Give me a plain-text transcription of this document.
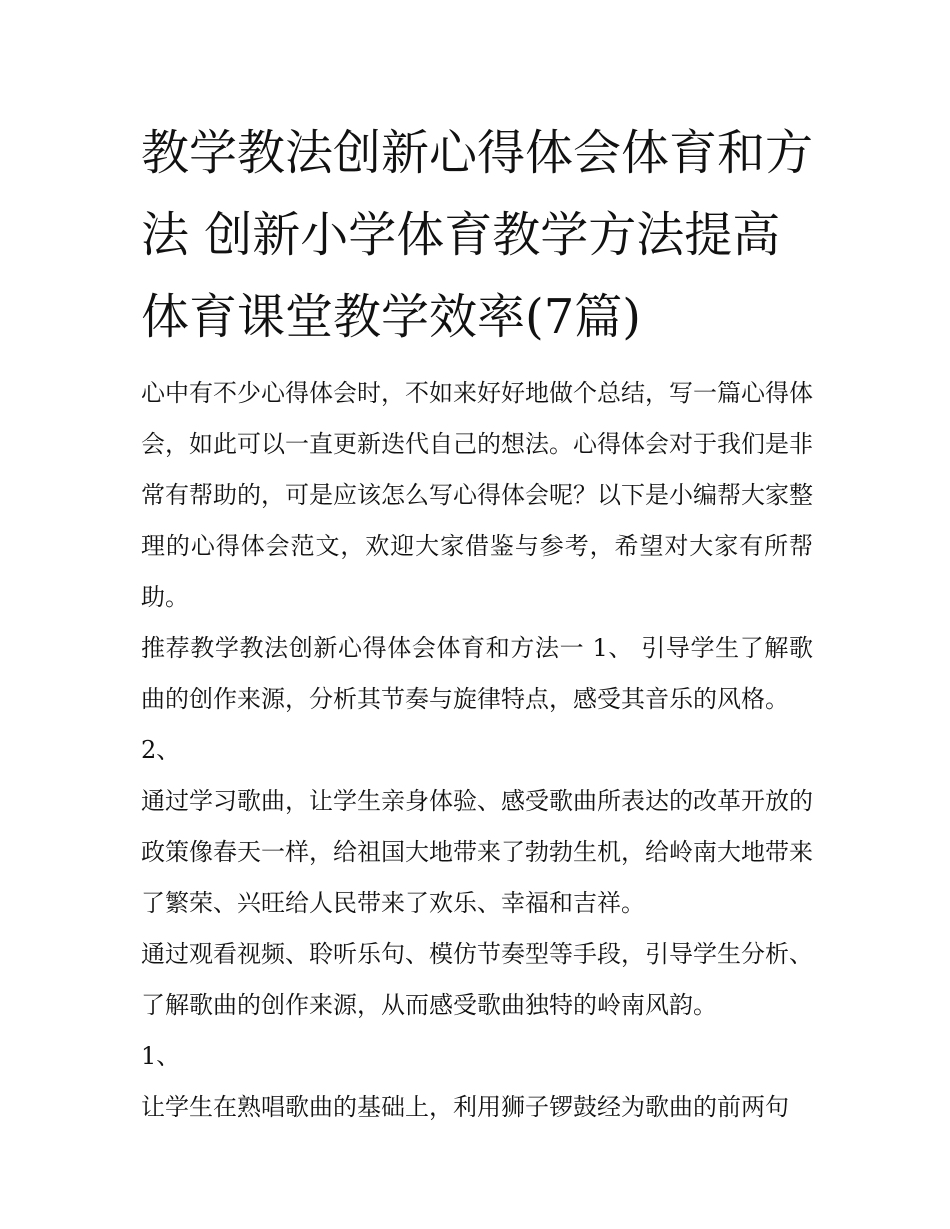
教学教法创新心得体会体育和方法 创新小学体育教学方法提高体育课堂教学效率(7篇)

心中有不少心得体会时，不如来好好地做个总结，写一篇心得体会，如此可以一直更新迭代自己的想法。心得体会对于我们是非常有帮助的，可是应该怎么写心得体会呢？以下是小编帮大家整理的心得体会范文，欢迎大家借鉴与参考，希望对大家有所帮助。

推荐教学教法创新心得体会体育和方法一 1、 引导学生了解歌曲的创作来源，分析其节奏与旋律特点，感受其音乐的风格。

2、

通过学习歌曲，让学生亲身体验、感受歌曲所表达的改革开放的政策像春天一样，给祖国大地带来了勃勃生机，给岭南大地带来了繁荣、兴旺给人民带来了欢乐、幸福和吉祥。

通过观看视频、聆听乐句、模仿节奏型等手段，引导学生分析、了解歌曲的创作来源，从而感受歌曲独特的岭南风韵。

1、

让学生在熟唱歌曲的基础上，利用狮子锣鼓经为歌曲的前两句
